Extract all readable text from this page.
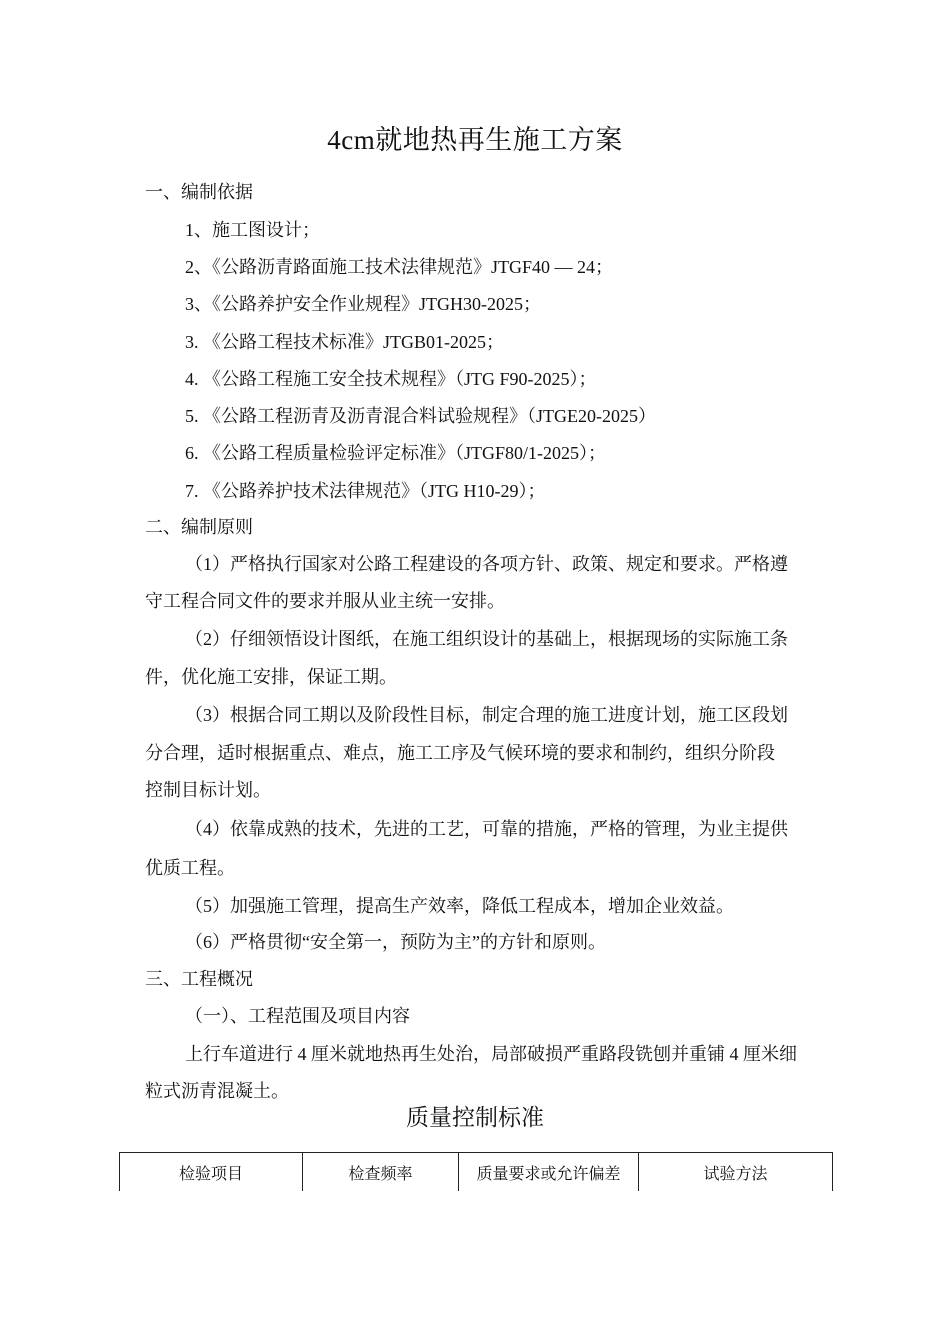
4cm就地热再生施工方案
一、编制依据
1、施工图设计；
2、《公路沥青路面施工技术法律规范》JTGF40 — 24；
3、《公路养护安全作业规程》JTGH30-2025；
3. 《公路工程技术标准》JTGB01-2025；
4. 《公路工程施工安全技术规程》（JTG F90-2025）；
5. 《公路工程沥青及沥青混合料试验规程》（JTGE20-2025）
6. 《公路工程质量检验评定标准》（JTGF80/1-2025）；
7. 《公路养护技术法律规范》（JTG H10-29）；
二、编制原则
（1）严格执行国家对公路工程建设的各项方针、政策、规定和要求。严格遵
守工程合同文件的要求并服从业主统一安排。
（2）仔细领悟设计图纸，在施工组织设计的基础上，根据现场的实际施工条
件，优化施工安排，保证工期。
（3）根据合同工期以及阶段性目标，制定合理的施工进度计划，施工区段划
分合理，适时根据重点、难点，施工工序及气候环境的要求和制约，组织分阶段
控制目标计划。
（4）依靠成熟的技术，先进的工艺，可靠的措施，严格的管理，为业主提供
优质工程。
（5）加强施工管理，提高生产效率，降低工程成本，增加企业效益。
（6）严格贯彻“安全第一，预防为主”的方针和原则。
三、工程概况
（一）、工程范围及项目内容
上行车道进行 4 厘米就地热再生处治，局部破损严重路段铣刨并重铺 4 厘米细
粒式沥青混凝土。
质量控制标准
检验项目	检查频率	质量要求或允许偏差	试验方法
